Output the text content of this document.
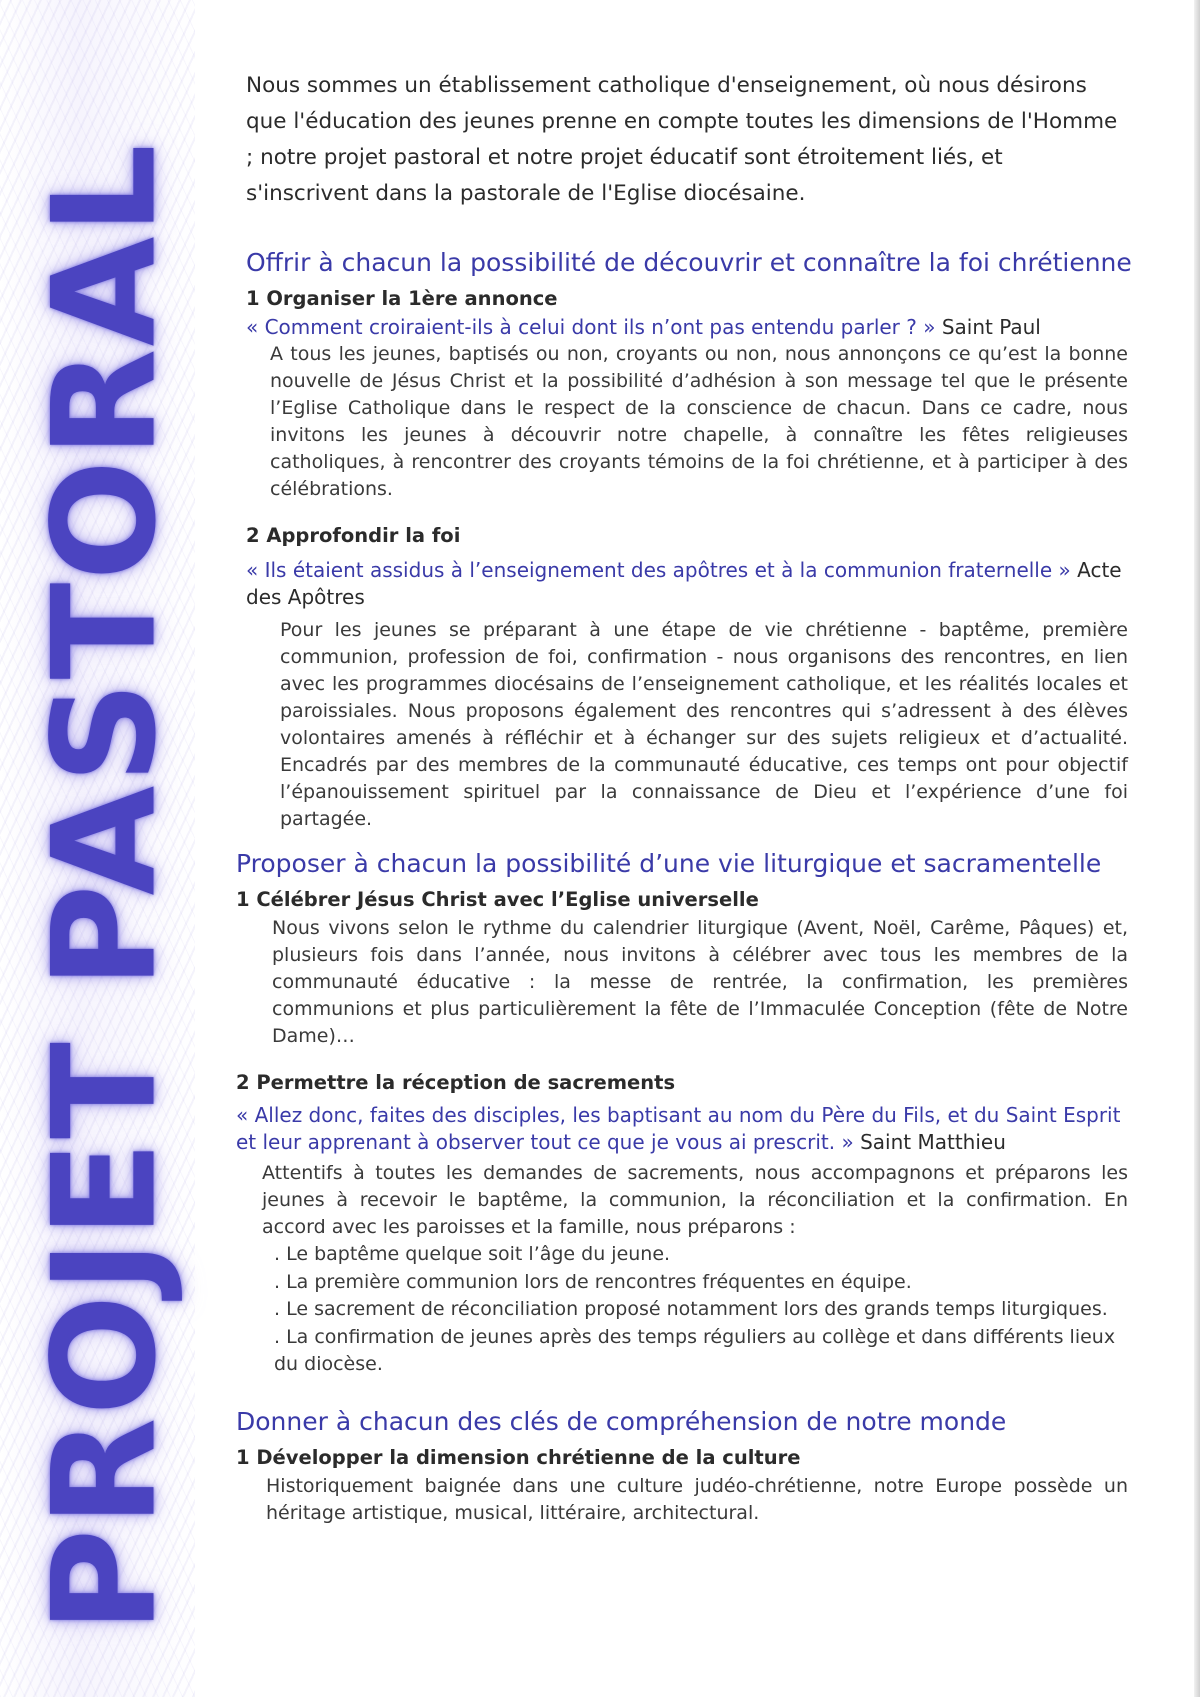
PROJET PASTORAL

Nous sommes un établissement catholique d'enseignement, où nous désirons que l'éducation des jeunes prenne en compte toutes les dimensions de l'Homme ; notre projet pastoral et notre projet éducatif sont étroitement liés, et s'inscrivent dans la pastorale de l'Eglise diocésaine.

Offrir à chacun la possibilité de découvrir et connaître la foi chrétienne

1 Organiser la 1ère annonce

« Comment croiraient-ils à celui dont ils n’ont pas entendu parler ? » Saint Paul

A tous les jeunes, baptisés ou non, croyants ou non, nous annonçons ce qu’est la bonne nouvelle de Jésus Christ et la possibilité d’adhésion à son message tel que le présente l’Eglise Catholique dans le respect de la conscience de chacun. Dans ce cadre, nous invitons les jeunes à découvrir notre chapelle, à connaître les fêtes religieuses catholiques, à rencontrer des croyants témoins de la foi chrétienne, et à participer à des célébrations.

2 Approfondir la foi

« Ils étaient assidus à l’enseignement des apôtres et à la communion fraternelle » Acte des Apôtres

Pour les jeunes se préparant à une étape de vie chrétienne - baptême, première communion, profession de foi, confirmation - nous organisons des rencontres, en lien avec les programmes diocésains de l’enseignement catholique, et les réalités locales et paroissiales. Nous proposons également des rencontres qui s’adressent à des élèves volontaires amenés à réfléchir et à échanger sur des sujets religieux et d’actualité. Encadrés par des membres de la communauté éducative, ces temps ont pour objectif l’épanouissement spirituel par la connaissance de Dieu et l’expérience d’une foi partagée.

Proposer à chacun la possibilité d’une vie liturgique et sacramentelle

1 Célébrer Jésus Christ avec l’Eglise universelle

Nous vivons selon le rythme du calendrier liturgique (Avent, Noël, Carême, Pâques) et, plusieurs fois dans l’année, nous invitons à célébrer avec tous les membres de la communauté éducative : la messe de rentrée, la confirmation, les premières communions et plus particulièrement la fête de l’Immaculée Conception (fête de Notre Dame)…

2 Permettre la réception de sacrements

« Allez donc, faites des disciples, les baptisant au nom du Père du Fils, et du Saint Esprit et leur apprenant à observer tout ce que je vous ai prescrit. » Saint Matthieu

Attentifs à toutes les demandes de sacrements, nous accompagnons et préparons les jeunes à recevoir le baptême, la communion, la réconciliation et la confirmation. En accord avec les paroisses et la famille, nous préparons :

. Le baptême quelque soit l’âge du jeune.
. La première communion lors de rencontres fréquentes en équipe.
. Le sacrement de réconciliation proposé notamment lors des grands temps liturgiques.
. La confirmation de jeunes après des temps réguliers au collège et dans différents lieux du diocèse.
Donner à chacun des clés de compréhension de notre monde

1 Développer la dimension chrétienne de la culture

Historiquement baignée dans une culture judéo-chrétienne, notre Europe possède un héritage artistique, musical, littéraire, architectural.
